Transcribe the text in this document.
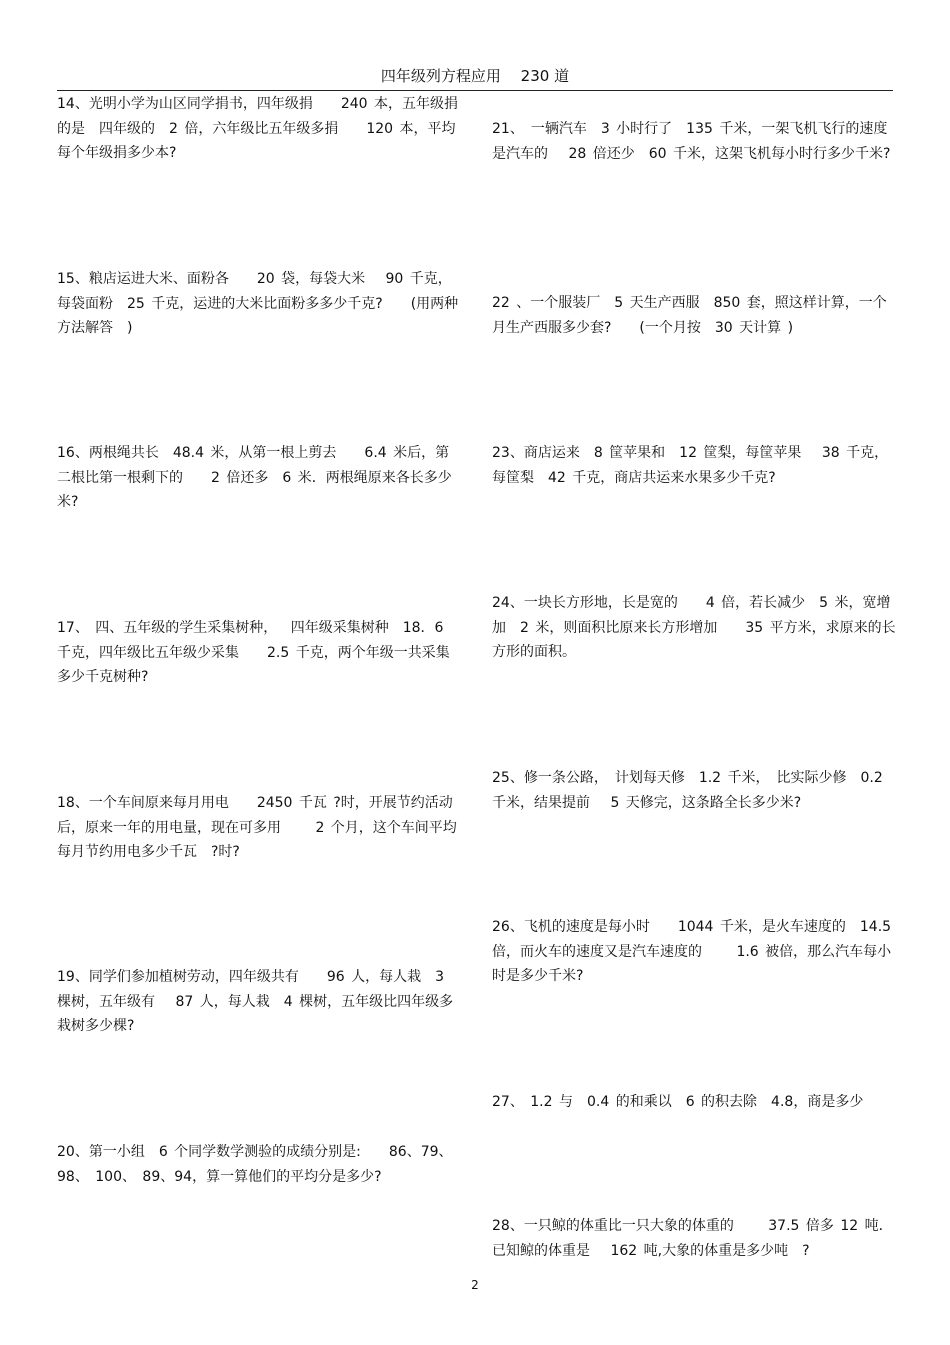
四年级列方程应用　 230 道

14、光明小学为山区同学捐书，四年级捐　　240 本，五年级捐的是　四年级的　2 倍，六年级比五年级多捐　　120 本，平均每个年级捐多少本?

15、粮店运进大米、面粉各　　20 袋，每袋大米　 90 千克，每袋面粉　25 千克，运进的大米比面粉多多少千克?　　(用两种方法解答　)

16、两根绳共长　48.4 米，从第一根上剪去　　6.4 米后，第二根比第一根剩下的　　2 倍还多　6 米．两根绳原来各长多少米?

17、 四、五年级的学生采集树种，　 四年级采集树种　18．6 千克，四年级比五年级少采集　　2.5 千克，两个年级一共采集多少千克树种?

18、一个车间原来每月用电　　2450 千瓦 ?时，开展节约活动后，原来一年的用电量，现在可多用　　 2 个月，这个车间平均每月节约用电多少千瓦　?时?

19、同学们参加植树劳动，四年级共有　　96 人，每人栽　3 棵树，五年级有　 87 人，每人栽　4 棵树，五年级比四年级多栽树多少棵?

20、第一小组　6 个同学数学测验的成绩分别是:　　86、79、98、 100、 89、94，算一算他们的平均分是多少?

21、　一辆汽车　3 小时行了　135 千米，一架飞机飞行的速度是汽车的　 28 倍还少　60 千米，这架飞机每小时行多少千米?

22 、一个服装厂　5 天生产西服　850 套，照这样计算，一个月生产西服多少套?　　(一个月按　30 天计算 )

23、商店运来　8 筐苹果和　12 筐梨，每筐苹果　 38 千克，每筐梨　42 千克，商店共运来水果多少千克?

24、一块长方形地，长是宽的　　4 倍，若长减少　5 米，宽增加　2 米，则面积比原来长方形增加　　35 平方米，求原来的长方形的面积。

25、修一条公路，　计划每天修　1.2 千米，　比实际少修　0.2 千米，结果提前　 5 天修完，这条路全长多少米?

26、飞机的速度是每小时　　1044 千米，是火车速度的　14.5 倍，而火车的速度又是汽车速度的　　 1.6 被倍，那么汽车每小时是多少千米?

27、 1.2 与　0.4 的和乘以　6 的积去除　4.8，商是多少

28、一只鲸的体重比一只大象的体重的　　 37.5 倍多 12 吨．已知鲸的体重是　 162 吨,大象的体重是多少吨　?

2
